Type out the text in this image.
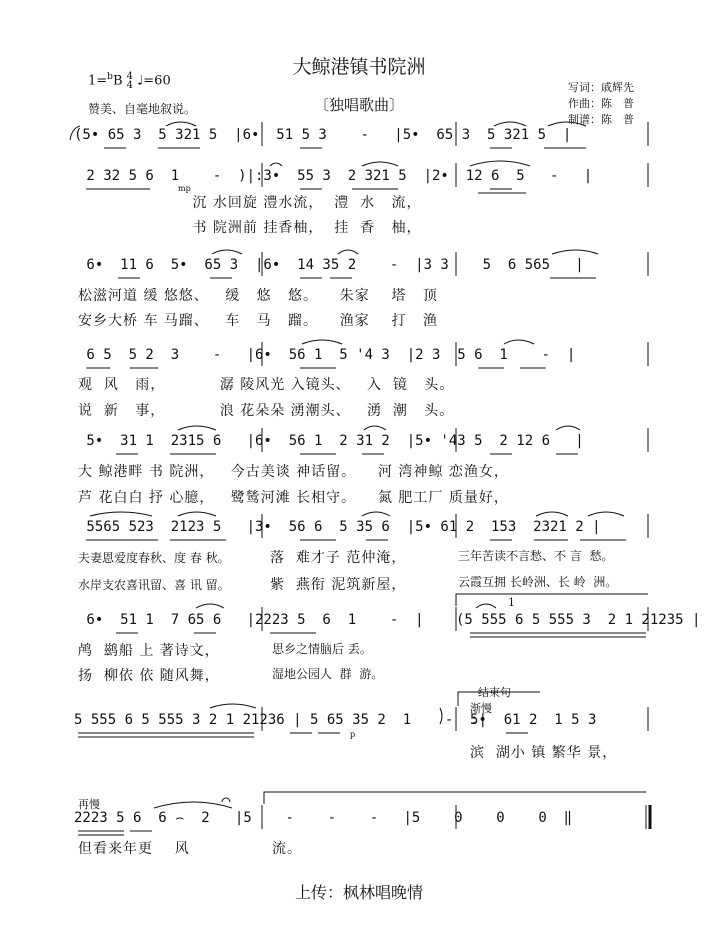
大鲸港镇书院洲
〔独唱歌曲〕
1=$^b$B 4
4 ♩=60
赞美、自毫地叙说。
写词：戚辉先
作曲：陈　普
制谱：陈　普
(5• 65 3  5 321 5  |6•  51 5 3    -   |5•  65 3  5 321 5  |
2 32 5 6  1    -  )|:3•  55 3  2 321 5  |2•  12 6  5   -   |
mp
沉 水回旋 澧水流，  澧  水   流，
书 院洲前 挂香柚，  挂  香   柚，
6•  11 6  5•  65 3  |6•  14 35 2    -  |3 3    5  6 565   |
松滋河道 缓 悠悠、   缓   悠   悠。    朱家    塔   顶
安乡大桥 车 马蹓、   车   马   蹓。    渔家    打   渔
6 5  5 2  3    -   |6•  56 1  5 '4 3  |2 3  5 6  1    -  |
观  风   雨，          潺 陵风光 入镜头、   入  镜   头。
说  新   事，          浪 花朵朵 湧潮头、   湧  潮   头。
5•  31 1  2315 6   |6•  56 1  2 31 2  |5• '43 5  2 12 6   |
大 鲸港畔 书 院洲，   今古美谈 神话留。    河 湾神鲸 恋渔女，
芦 花白白 抒 心臆，   鹭鸶河滩 长相守。    氮 肥工厂 质量好，
5565 523  2123 5   |3•  56 6  5 35 6  |5• 61 2  153  2321 2 |
夫妻恩爱度春秋、度 春 秋。
水岸支农喜讯留、喜 讯 留。
落  难才子 范仲淹，
紫  燕衔 泥筑新屋，
三年苦读不言愁、不 言  愁。
云霞互拥 长岭洲、长 岭  洲。
6•  51 1  7 65 6   |2223 5  6  1    -  |
1
(5 555 6 5 555 3  2 1 21235 |
鸬  鹚船 上 著诗文，
扬  柳依 依 随风舞，
思乡之情脑后 丢。
湿地公园人  群  游。
结束句
渐慢
5 555 6 5 555 3 2 1 21236 | 5 65 35 2  1    -  :|
p
5•  61 2  1 5 3
滨  湖小 镇 繁华 景，
再慢
2223 5 6  6 ⌢  2   |5    -    -    -   |5    0    0    0  ‖
但看来年更    风	流。
上传：枫林唱晚情
